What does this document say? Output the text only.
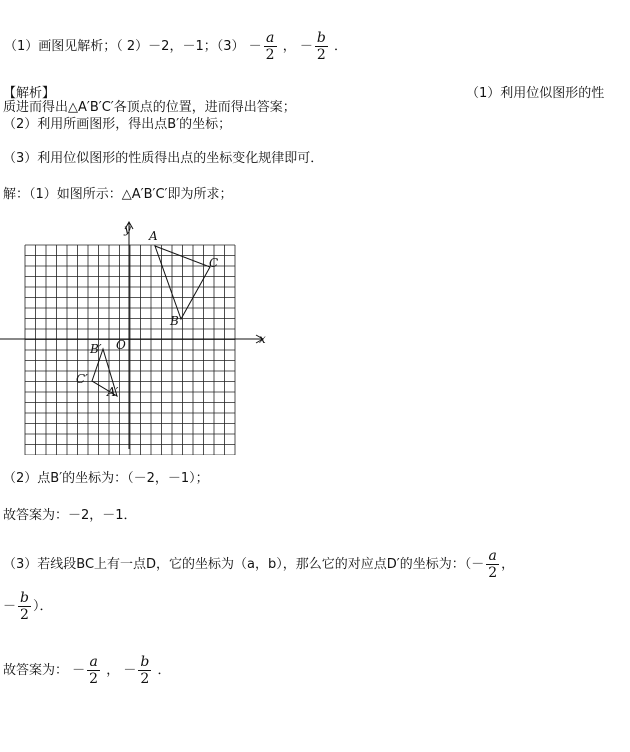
（1）画图见解析；（ 2）－2，－1；$(3) - \frac{a}{2}$ ， － $\frac{b}{2}$ ．
【解析】	（1）利用位似图形的性
质进而得出△A′B′C′各顶点的位置，进而得出答案；
（2）利用所画图形，得出点B′的坐标；
（3）利用位似图形的性质得出点的坐标变化规律即可．
解：（1）如图所示：△A′B′C′即为所求；
y
x
O
A
C
B
B′
C′
A′
（2）点B′的坐标为：（－2，－1）；
故答案为：－2，－1．
（3）若线段BC上有一点D，它的坐标为（a，b），那么它的对应点D′的坐标为：（－ $\frac{a}{2}$ ，
－ $\frac{b}{2}$ ）．
故答案为： － $\frac{a}{2}$ ， － $\frac{b}{2}$ ．
